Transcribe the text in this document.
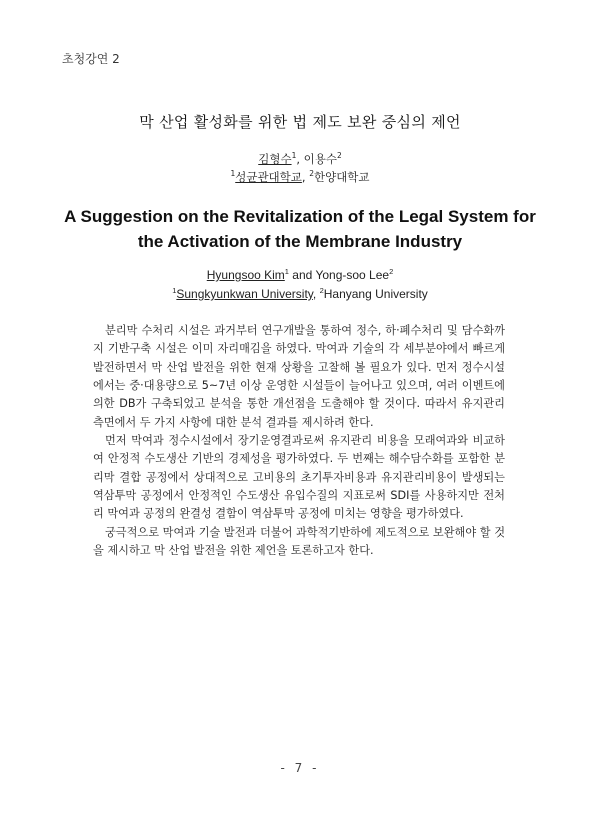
초청강연 2
막 산업 활성화를 위한 법 제도 보완 중심의 제언
김형수$^1$, 이용수$^2$
$^1$성균관대학교, $^2$한양대학교
A Suggestion on the Revitalization of the Legal System for
the Activation of the Membrane Industry
Hyungsoo Kim$^1$ and Yong-soo Lee$^2$
$^1$Sungkyunkwan University, $^2$Hanyang University

분리막 수처리 시설은 과거부터 연구개발을 통하여 정수, 하·폐수처리 및 담수화까지 기반구축 시설은 이미 자리매김을 하였다. 막여과 기술의 각 세부분야에서 빠르게 발전하면서 막 산업 발전을 위한 현재 상황을 고찰해 볼 필요가 있다. 먼저 정수시설에서는 중·대용량으로 5~7년 이상 운영한 시설들이 늘어나고 있으며, 여러 이벤트에 의한 DB가 구축되었고 분석을 통한 개선점을 도출해야 할 것이다. 따라서 유지관리 측면에서 두 가지 사항에 대한 분석 결과를 제시하려 한다.

먼저 막여과 정수시설에서 장기운영결과로써 유지관리 비용을 모래여과와 비교하여 안정적 수도생산 기반의 경제성을 평가하였다. 두 번째는 해수담수화를 포함한 분리막 결합 공정에서 상대적으로 고비용의 초기투자비용과 유지관리비용이 발생되는 역삼투막 공정에서 안정적인 수도생산 유입수질의 지표로써 SDI를 사용하지만 전처리 막여과 공정의 완결성 결함이 역삼투막 공정에 미치는 영향을 평가하였다.

궁극적으로 막여과 기술 발전과 더불어 과학적기반하에 제도적으로 보완해야 할 것을 제시하고 막 산업 발전을 위한 제언을 토론하고자 한다.

- 7 -
